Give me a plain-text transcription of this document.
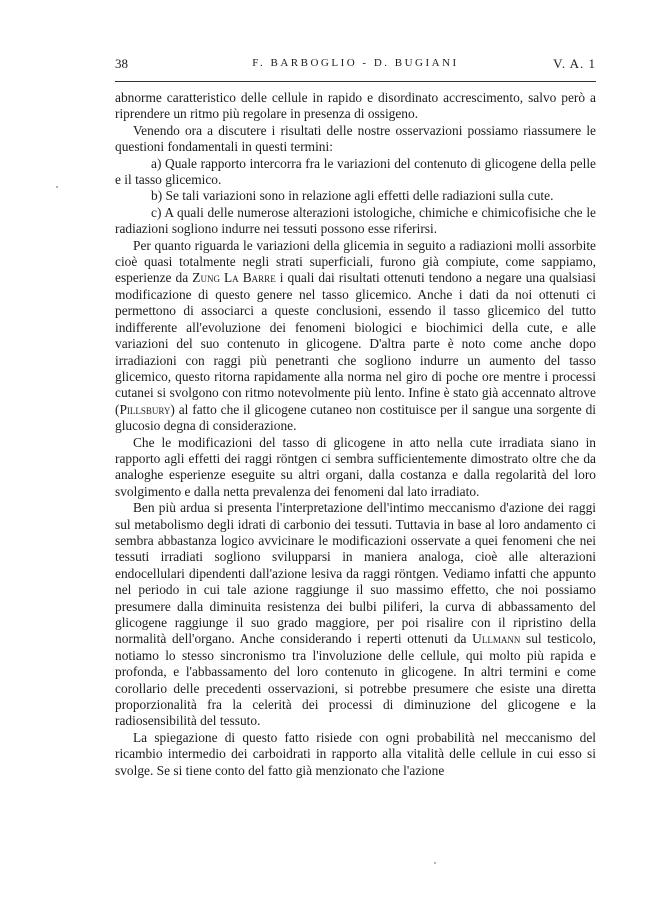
38	F. BARBOGLIO - D. BUGIANI	V. A. 1

abnorme caratteristico delle cellule in rapido e disordinato accrescimento, salvo però a riprendere un ritmo più regolare in presenza di ossigeno.

Venendo ora a discutere i risultati delle nostre osservazioni possiamo riassumere le questioni fondamentali in questi termini:

a) Quale rapporto intercorra fra le variazioni del contenuto di glicogene della pelle e il tasso glicemico.

b) Se tali variazioni sono in relazione agli effetti delle radiazioni sulla cute.

c) A quali delle numerose alterazioni istologiche, chimiche e chimicofisiche che le radiazioni sogliono indurre nei tessuti possono esse riferirsi.

Per quanto riguarda le variazioni della glicemia in seguito a radiazioni molli assorbite cioè quasi totalmente negli strati superficiali, furono già compiute, come sappiamo, esperienze da Zung La Barre i quali dai risultati ottenuti tendono a negare una qualsiasi modificazione di questo genere nel tasso glicemico. Anche i dati da noi ottenuti ci permettono di associarci a queste conclusioni, essendo il tasso glicemico del tutto indifferente all'evoluzione dei fenomeni biologici e biochimici della cute, e alle variazioni del suo contenuto in glicogene. D'altra parte è noto come anche dopo irradiazioni con raggi più penetranti che sogliono indurre un aumento del tasso glicemico, questo ritorna rapidamente alla norma nel giro di poche ore mentre i processi cutanei si svolgono con ritmo notevolmente più lento. Infine è stato già accennato altrove (Pillsbury) al fatto che il glicogene cutaneo non costituisce per il sangue una sorgente di glucosio degna di considerazione.

Che le modificazioni del tasso di glicogene in atto nella cute irradiata siano in rapporto agli effetti dei raggi röntgen ci sembra sufficientemente dimostrato oltre che da analoghe esperienze eseguite su altri organi, dalla costanza e dalla regolarità del loro svolgimento e dalla netta prevalenza dei fenomeni dal lato irradiato.

Ben più ardua si presenta l'interpretazione dell'intimo meccanismo d'azione dei raggi sul metabolismo degli idrati di carbonio dei tessuti. Tuttavia in base al loro andamento ci sembra abbastanza logico avvicinare le modificazioni osservate a quei fenomeni che nei tessuti irradiati sogliono svilupparsi in maniera analoga, cioè alle alterazioni endocellulari dipendenti dall'azione lesiva da raggi röntgen. Vediamo infatti che appunto nel periodo in cui tale azione raggiunge il suo massimo effetto, che noi possiamo presumere dalla diminuita resistenza dei bulbi piliferi, la curva di abbassamento del glicogene raggiunge il suo grado maggiore, per poi risalire con il ripristino della normalità dell'organo. Anche considerando i reperti ottenuti da Ullmann sul testicolo, notiamo lo stesso sincronismo tra l'involuzione delle cellule, qui molto più rapida e profonda, e l'abbassamento del loro contenuto in glicogene. In altri termini e come corollario delle precedenti osservazioni, si potrebbe presumere che esiste una diretta proporzionalità fra la celerità dei processi di diminuzione del glicogene e la radiosensibilità del tessuto.

La spiegazione di questo fatto risiede con ogni probabilità nel meccanismo del ricambio intermedio dei carboidrati in rapporto alla vitalità delle cellule in cui esso si svolge. Se si tiene conto del fatto già menzionato che l'azione
